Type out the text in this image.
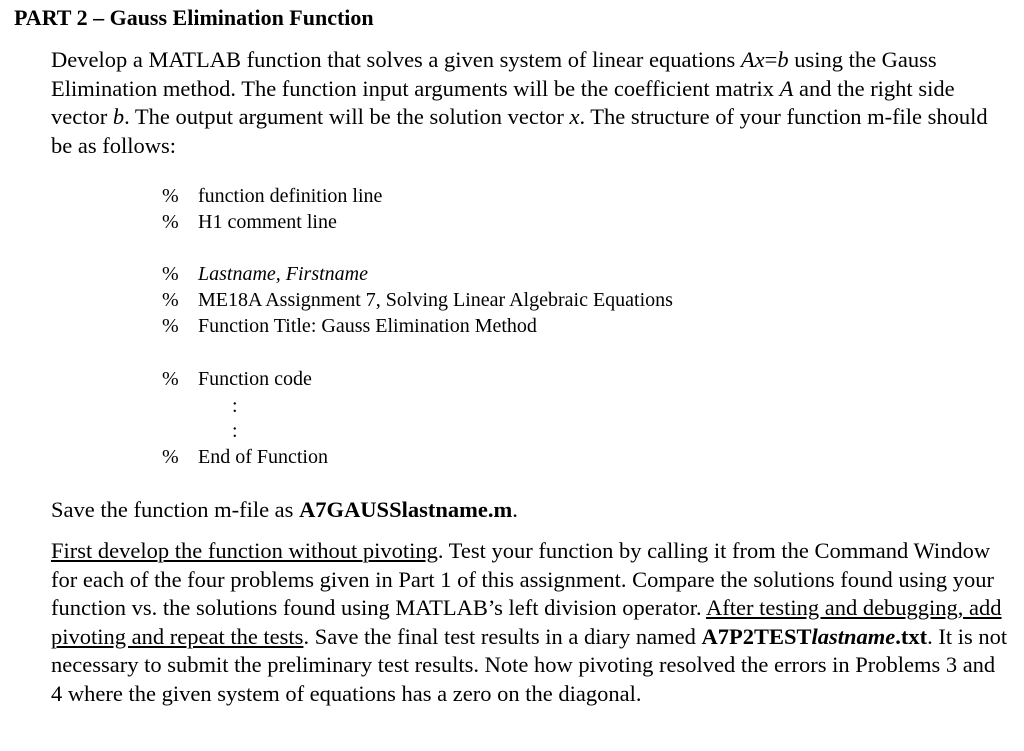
PART 2 – Gauss Elimination Function
Develop a MATLAB function that solves a given system of linear equations Ax=b using the Gauss Elimination method. The function input arguments will be the coefficient matrix A and the right side vector b. The output argument will be the solution vector x. The structure of your function m-file should be as follows:
% function definition line
% H1 comment line
% Lastname, Firstname
% ME18A Assignment 7, Solving Linear Algebraic Equations
% Function Title: Gauss Elimination Method
% Function code
:
:
% End of Function
Save the function m-file as A7GAUSSlastname.m.
First develop the function without pivoting. Test your function by calling it from the Command Window for each of the four problems given in Part 1 of this assignment. Compare the solutions found using your function vs. the solutions found using MATLAB’s left division operator. After testing and debugging, add pivoting and repeat the tests. Save the final test results in a diary named A7P2TESTlastname.txt. It is not necessary to submit the preliminary test results. Note how pivoting resolved the errors in Problems 3 and 4 where the given system of equations has a zero on the diagonal.
